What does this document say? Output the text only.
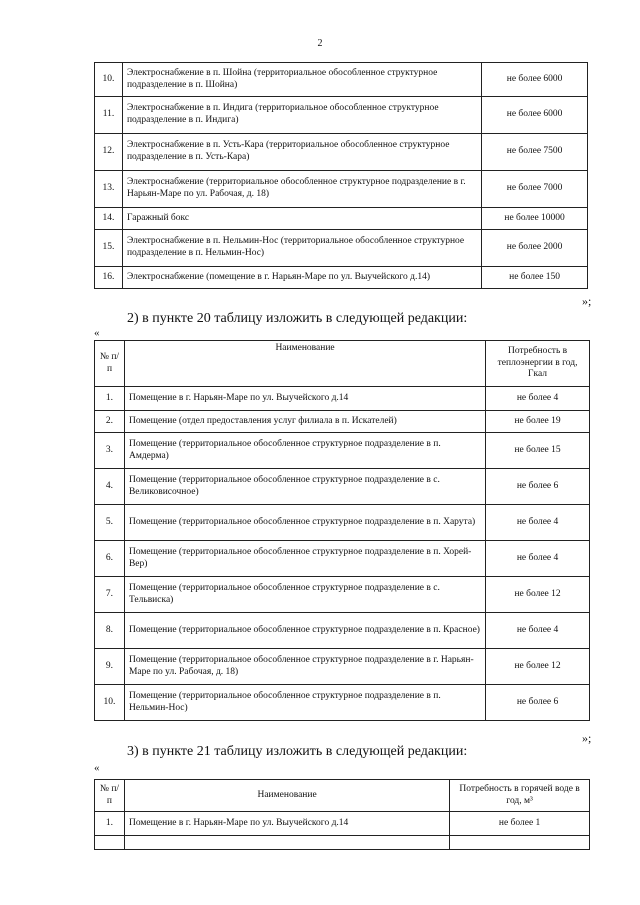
2
10.	Электроснабжение в п. Шойна (территориальное обособленное структурное подразделение в п. Шойна)	не более 6000
11.	Электроснабжение в п. Индига (территориальное обособленное структурное подразделение в п. Индига)	не более 6000
12.	Электроснабжение в п. Усть-Кара (территориальное обособленное структурное подразделение в п. Усть-Кара)	не более 7500
13.	Электроснабжение (территориальное обособленное структурное подразделение в г. Нарьян-Маре по ул. Рабочая, д. 18)	не более 7000
14.	Гаражный бокс	не более 10000
15.	Электроснабжение в п. Нельмин-Нос (территориальное обособленное структурное подразделение в п. Нельмин-Нос)	не более 2000
16.	Электроснабжение (помещение в г. Нарьян-Маре по ул. Выучейского д.14)	не более 150
»;
2) в пункте 20 таблицу изложить в следующей редакции:
«
№ п/п	Наименование	Потребность в теплоэнергии в год, Гкал
1.	Помещение в г. Нарьян-Маре по ул. Выучейского д.14	не более 4
2.	Помещение (отдел предоставления услуг филиала в п. Искателей)	не более 19
3.	Помещение (территориальное обособленное структурное подразделение в п. Амдерма)	не более 15
4.	Помещение (территориальное обособленное структурное подразделение в с. Великовисочное)	не более 6
5.	Помещение (территориальное обособленное структурное подразделение в п. Харута)	не более 4
6.	Помещение (территориальное обособленное структурное подразделение в п. Хорей-Вер)	не более 4
7.	Помещение (территориальное обособленное структурное подразделение в с. Тельвиска)	не более 12
8.	Помещение (территориальное обособленное структурное подразделение в п. Красное)	не более 4
9.	Помещение (территориальное обособленное структурное подразделение в г. Нарьян-Маре по ул. Рабочая, д. 18)	не более 12
10.	Помещение (территориальное обособленное структурное подразделение в п. Нельмин-Нос)	не более 6
»;
3) в пункте 21 таблицу изложить в следующей редакции:
«
№ п/п	Наименование	Потребность в горячей воде в год, м³
1.	Помещение в г. Нарьян-Маре по ул. Выучейского д.14	не более 1
